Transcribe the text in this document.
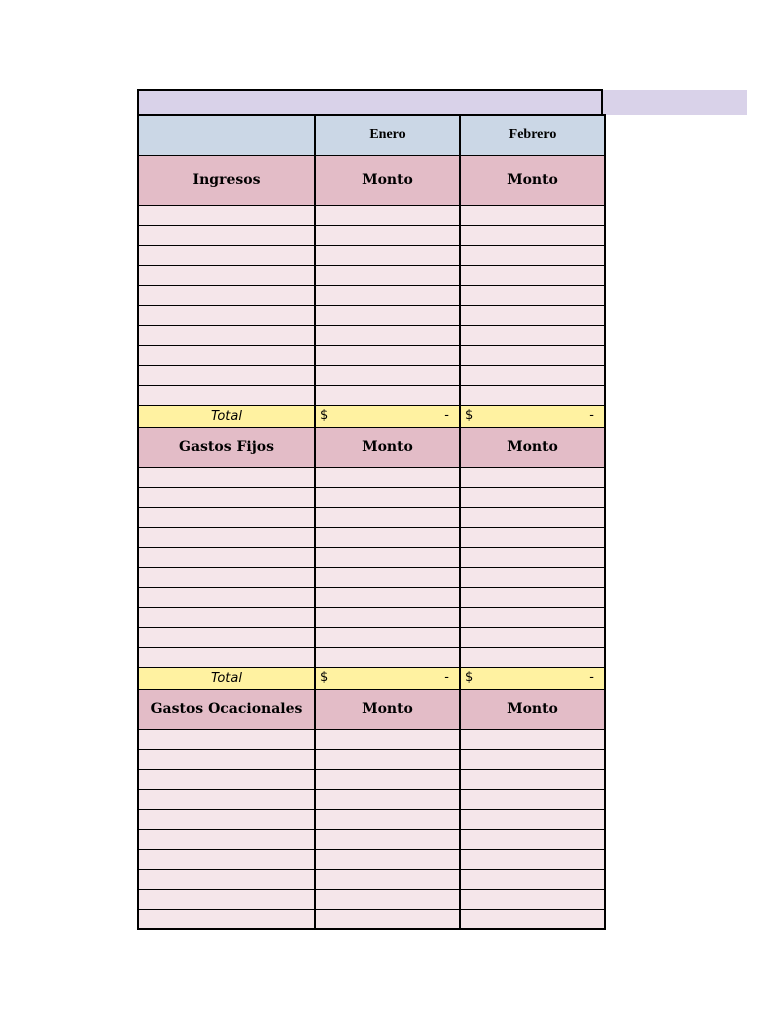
	Enero	Febrero
Ingresos	Monto	Monto

Total	$ -	$ -

Gastos Fijos	Monto	Monto

Total	$ -	$ -

Gastos Ocacionales	Monto	Monto
